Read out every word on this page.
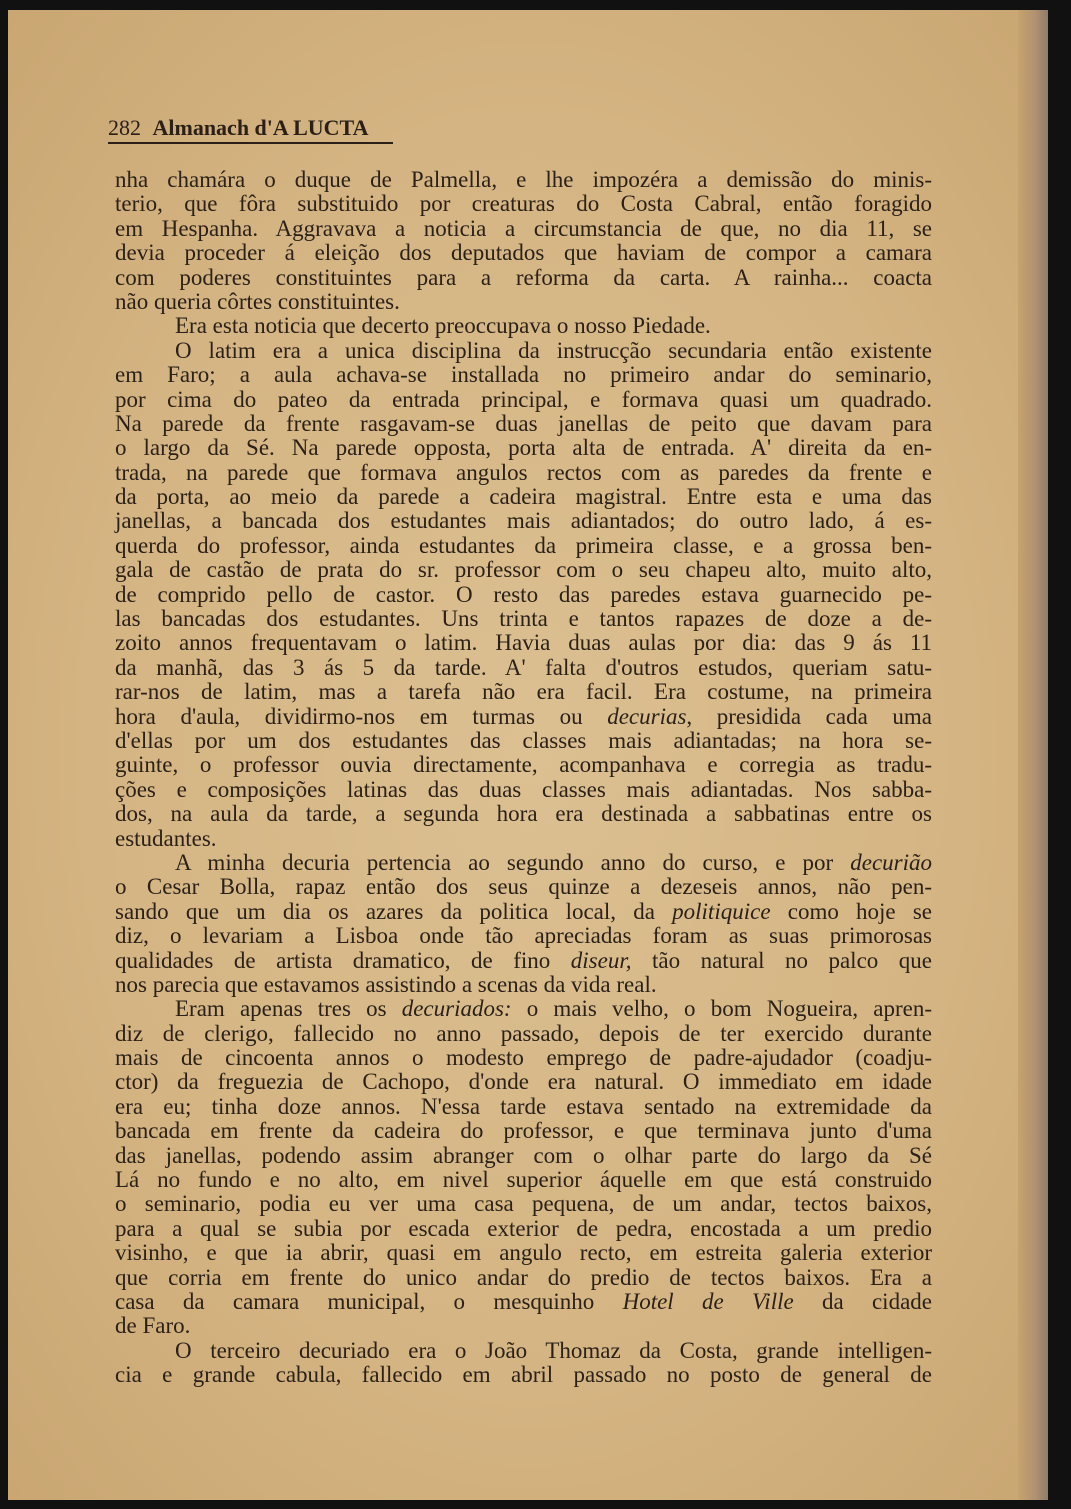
282 Almanach d'A LUCTA
nha chamára o duque de Palmella, e lhe impozéra a demissão do minis-
terio, que fôra substituido por creaturas do Costa Cabral, então foragido
em Hespanha. Aggravava a noticia a circumstancia de que, no dia 11, se
devia proceder á eleição dos deputados que haviam de compor a camara
com poderes constituintes para a reforma da carta. A rainha... coacta
não queria côrtes constituintes.
Era esta noticia que decerto preoccupava o nosso Piedade.
O latim era a unica disciplina da instrucção secundaria então existente
em Faro; a aula achava-se installada no primeiro andar do seminario,
por cima do pateo da entrada principal, e formava quasi um quadrado.
Na parede da frente rasgavam-se duas janellas de peito que davam para
o largo da Sé. Na parede opposta, porta alta de entrada. A' direita da en-
trada, na parede que formava angulos rectos com as paredes da frente e
da porta, ao meio da parede a cadeira magistral. Entre esta e uma das
janellas, a bancada dos estudantes mais adiantados; do outro lado, á es-
querda do professor, ainda estudantes da primeira classe, e a grossa ben-
gala de castão de prata do sr. professor com o seu chapeu alto, muito alto,
de comprido pello de castor. O resto das paredes estava guarnecido pe-
las bancadas dos estudantes. Uns trinta e tantos rapazes de doze a de-
zoito annos frequentavam o latim. Havia duas aulas por dia: das 9 ás 11
da manhã, das 3 ás 5 da tarde. A' falta d'outros estudos, queriam satu-
rar-nos de latim, mas a tarefa não era facil. Era costume, na primeira
hora d'aula, dividirmo-nos em turmas ou decurias, presidida cada uma
d'ellas por um dos estudantes das classes mais adiantadas; na hora se-
guinte, o professor ouvia directamente, acompanhava e corregia as tradu-
ções e composições latinas das duas classes mais adiantadas. Nos sabba-
dos, na aula da tarde, a segunda hora era destinada a sabbatinas entre os
estudantes.
A minha decuria pertencia ao segundo anno do curso, e por decurião
o Cesar Bolla, rapaz então dos seus quinze a dezeseis annos, não pen-
sando que um dia os azares da politica local, da politiquice como hoje se
diz, o levariam a Lisboa onde tão apreciadas foram as suas primorosas
qualidades de artista dramatico, de fino diseur, tão natural no palco que
nos parecia que estavamos assistindo a scenas da vida real.
Eram apenas tres os decuriados: o mais velho, o bom Nogueira, apren-
diz de clerigo, fallecido no anno passado, depois de ter exercido durante
mais de cincoenta annos o modesto emprego de padre-ajudador (coadju-
ctor) da freguezia de Cachopo, d'onde era natural. O immediato em idade
era eu; tinha doze annos. N'essa tarde estava sentado na extremidade da
bancada em frente da cadeira do professor, e que terminava junto d'uma
das janellas, podendo assim abranger com o olhar parte do largo da Sé
Lá no fundo e no alto, em nivel superior áquelle em que está construido
o seminario, podia eu ver uma casa pequena, de um andar, tectos baixos,
para a qual se subia por escada exterior de pedra, encostada a um predio
visinho, e que ia abrir, quasi em angulo recto, em estreita galeria exterior
que corria em frente do unico andar do predio de tectos baixos. Era a
casa da camara municipal, o mesquinho Hotel de Ville da cidade
de Faro.
O terceiro decuriado era o João Thomaz da Costa, grande intelligen-
cia e grande cabula, fallecido em abril passado no posto de general de
